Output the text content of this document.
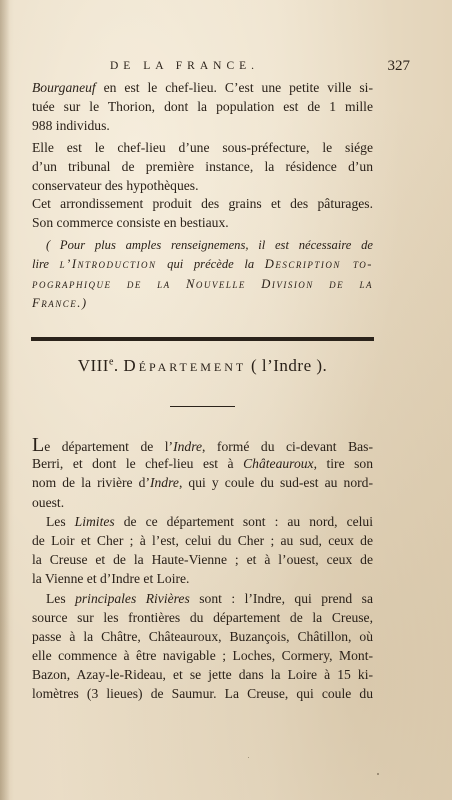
DE LA FRANCE.	327
Bourganeuf en est le chef-lieu. C’est une petite ville si-
tuée sur le Thorion, dont la population est de 1 mille
988 individus.
Elle est le chef-lieu d’une sous-préfecture, le siége
d’un tribunal de première instance, la résidence d’un
conservateur des hypothèques.
Cet arrondissement produit des grains et des pâturages.
Son commerce consiste en bestiaux.
( Pour plus amples renseignemens, il est nécessaire de
lire l’Introduction qui précède la Description to-
pographique de la Nouvelle Division de la
France.)
VIIIe. Département ( l’Indre ).
Le département de l’Indre, formé du ci-devant Bas-
Berri, et dont le chef-lieu est à Châteauroux, tire son
nom de la rivière d’Indre, qui y coule du sud-est au nord-
ouest.
Les Limites de ce département sont : au nord, celui
de Loir et Cher ; à l’est, celui du Cher ; au sud, ceux de
la Creuse et de la Haute-Vienne ; et à l’ouest, ceux de
la Vienne et d’Indre et Loire.
Les principales Rivières sont : l’Indre, qui prend sa
source sur les frontières du département de la Creuse,
passe à la Châtre, Châteauroux, Buzançois, Châtillon, où
elle commence à être navigable ; Loches, Cormery, Mont-
Bazon, Azay-le-Rideau, et se jette dans la Loire à 15 ki-
lomètres (3 lieues) de Saumur. La Creuse, qui coule du
